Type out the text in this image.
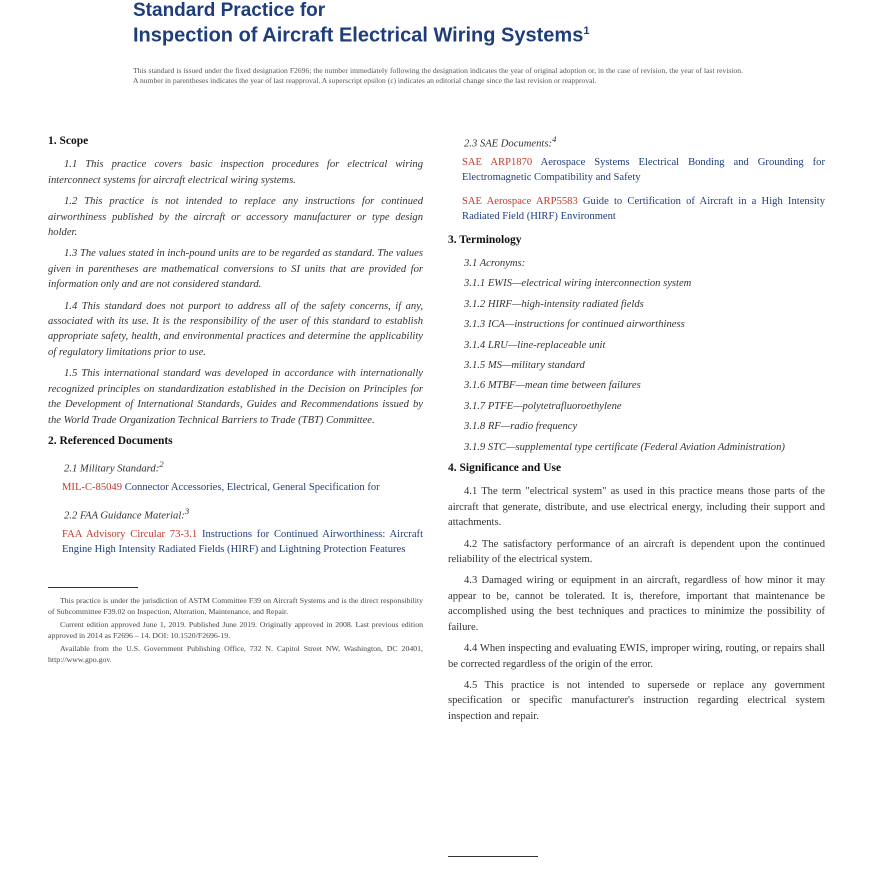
Standard Practice for
Inspection of Aircraft Electrical Wiring Systems$^1$
This standard is issued under the fixed designation F2696; the number immediately following the designation indicates the year of original adoption or, in the case of revision, the year of last revision. A number in parentheses indicates the year of last reapproval. A superscript epsilon (ε) indicates an editorial change since the last revision or reapproval.
1. Scope

1.1 This practice covers basic inspection procedures for electrical wiring interconnect systems for aircraft electrical wiring systems.

1.2 This practice is not intended to replace any instructions for continued airworthiness published by the aircraft or accessory manufacturer or type design holder.

1.3 The values stated in inch-pound units are to be regarded as standard. The values given in parentheses are mathematical conversions to SI units that are provided for information only and are not considered standard.

1.4 This standard does not purport to address all of the safety concerns, if any, associated with its use. It is the responsibility of the user of this standard to establish appropriate safety, health, and environmental practices and determine the applicability of regulatory limitations prior to use.

1.5 This international standard was developed in accordance with internationally recognized principles on standardization established in the Decision on Principles for the Development of International Standards, Guides and Recommendations issued by the World Trade Organization Technical Barriers to Trade (TBT) Committee.

2. Referenced Documents
2.1 Military Standard:$^2$
MIL-C-85049 Connector Accessories, Electrical, General Specification for
2.2 FAA Guidance Material:$^3$
FAA Advisory Circular 73-3.1 Instructions for Continued Airworthiness: Aircraft Engine High Intensity Radiated Fields (HIRF) and Lightning Protection Features
This practice is under the jurisdiction of ASTM Committee F39 on Aircraft Systems and is the direct responsibility of Subcommittee F39.02 on Inspection, Alteration, Maintenance, and Repair.
Current edition approved June 1, 2019. Published June 2019. Originally approved in 2008. Last previous edition approved in 2014 as F2696 – 14. DOI: 10.1520/F2696-19.
Available from the U.S. Government Publishing Office, 732 N. Capitol Street NW, Washington, DC 20401, http://www.gpo.gov.
2.3 SAE Documents:$^4$
SAE ARP1870 Aerospace Systems Electrical Bonding and Grounding for Electromagnetic Compatibility and Safety
SAE Aerospace ARP5583 Guide to Certification of Aircraft in a High Intensity Radiated Field (HIRF) Environment
3. Terminology
3.1 Acronyms:
3.1.1 EWIS—electrical wiring interconnection system
3.1.2 HIRF—high-intensity radiated fields
3.1.3 ICA—instructions for continued airworthiness
3.1.4 LRU—line-replaceable unit
3.1.5 MS—military standard
3.1.6 MTBF—mean time between failures
3.1.7 PTFE—polytetrafluoroethylene
3.1.8 RF—radio frequency
3.1.9 STC—supplemental type certificate (Federal Aviation Administration)
4. Significance and Use

4.1 The term "electrical system" as used in this practice means those parts of the aircraft that generate, distribute, and use electrical energy, including their support and attachments.

4.2 The satisfactory performance of an aircraft is dependent upon the continued reliability of the electrical system.

4.3 Damaged wiring or equipment in an aircraft, regardless of how minor it may appear to be, cannot be tolerated. It is, therefore, important that maintenance be accomplished using the best techniques and practices to minimize the possibility of failure.

4.4 When inspecting and evaluating EWIS, improper wiring, routing, or repairs shall be corrected regardless of the origin of the error.

4.5 This practice is not intended to supersede or replace any government specification or specific manufacturer's instruction regarding electrical system inspection and repair.
